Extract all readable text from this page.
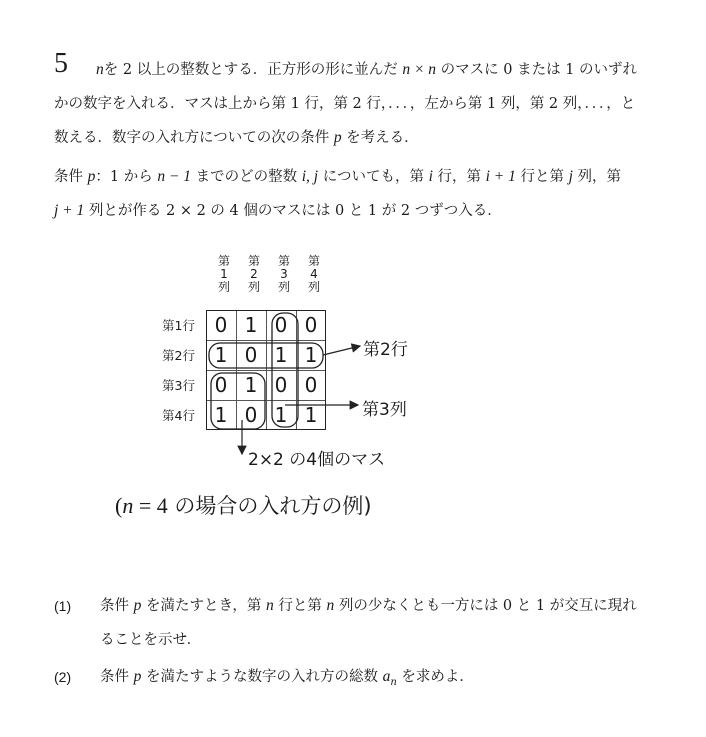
5 nを 2 以上の整数とする．正方形の形に並んだ n × n のマスに 0 または 1 のいずれ
かの数字を入れる．マスは上から第 1 行，第 2 行，．．．，左から第 1 列，第 2 列，．．．，と
数える．数字の入れ方についての次の条件 p を考える．
条件 p：1 から n − 1 までのどの整数 i, j についても，第 i 行，第 i + 1 行と第 j 列，第
j + 1 列とが作る 2 × 2 の 4 個のマスには 0 と 1 が 2 つずつ入る．
第
1
列
第
2
列
第
3
列
第
4
列
第1行
第2行
第3行
第4行
0 1 0 0
1 0 1 1
0 1 0 0
1 0 1 1
第2行
第3列
2×2 の4個のマス
(n = 4 の場合の入れ方の例)
(1) 条件 p を満たすとき，第 n 行と第 n 列の少なくとも一方には 0 と 1 が交互に現れ
ることを示せ．
(2) 条件 p を満たすような数字の入れ方の総数 $a_n$ を求めよ．
